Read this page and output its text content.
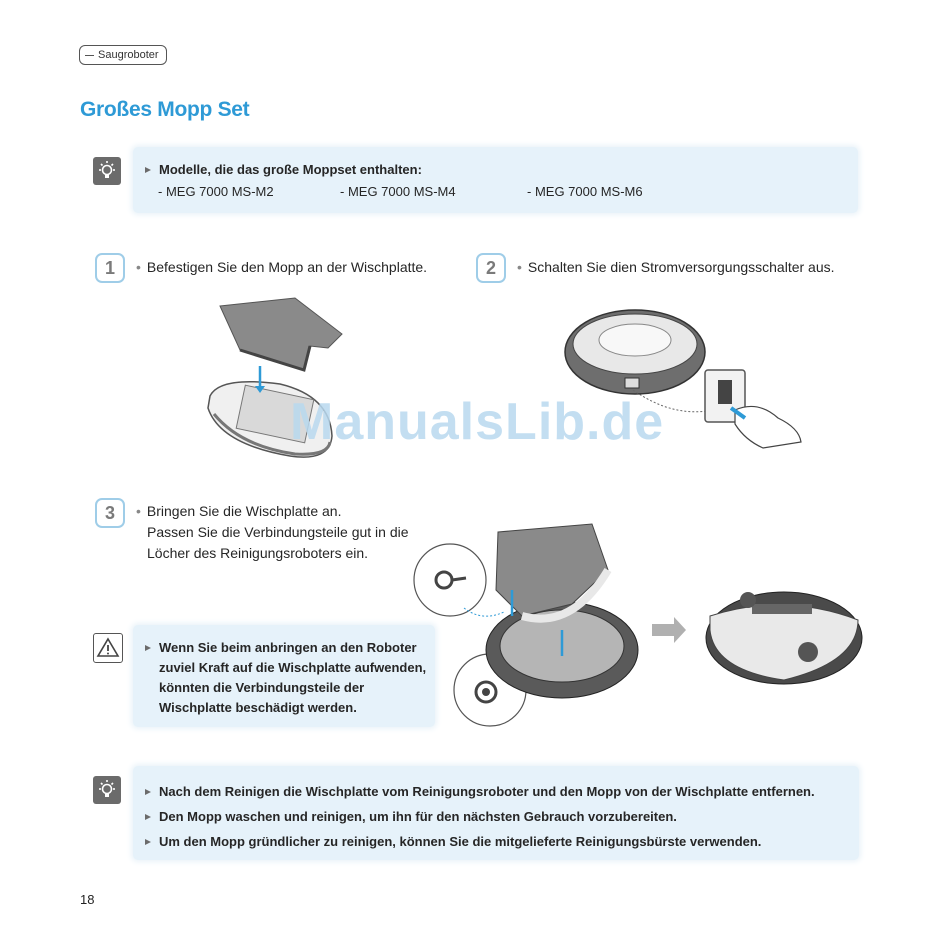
Saugroboter
Großes Mopp Set
Modelle, die das große Moppset enthalten:
- MEG 7000 MS-M2	- MEG 7000 MS-M4	- MEG 7000 MS-M6
1	• Befestigen Sie den Mopp an der Wischplatte.	2	• Schalten Sie dien Stromversorgungsschalter aus.
ManualsLib.de
3	• Bringen Sie die Wischplatte an.
Passen Sie die Verbindungsteile gut in die
Löcher des Reinigungsroboters ein.
Wenn Sie beim anbringen an den Roboter
zuviel Kraft auf die Wischplatte aufwenden,
könnten die Verbindungsteile der
Wischplatte beschädigt werden.
Nach dem Reinigen die Wischplatte vom Reinigungsroboter und den Mopp von der Wischplatte entfernen.
Den Mopp waschen und reinigen, um ihn für den nächsten Gebrauch vorzubereiten.
Um den Mopp gründlicher zu reinigen, können Sie die mitgelieferte Reinigungsbürste verwenden.
18
